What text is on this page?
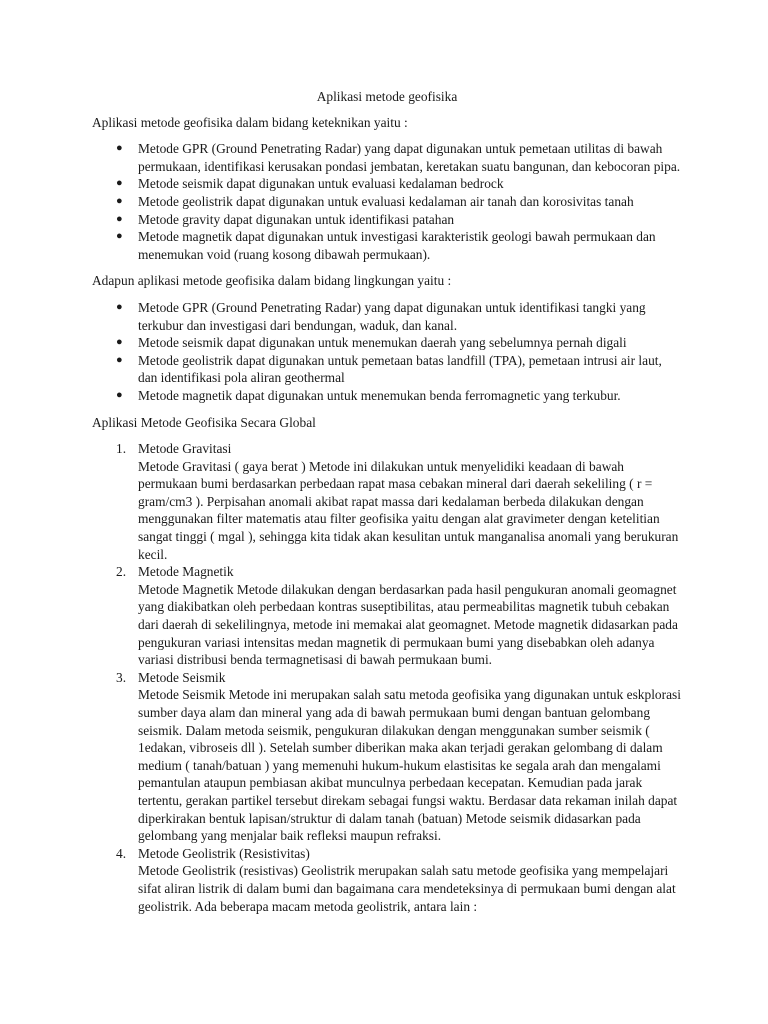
Aplikasi metode geofisika
Aplikasi metode geofisika dalam bidang keteknikan yaitu :
● Metode GPR (Ground Penetrating Radar) yang dapat digunakan untuk pemetaan utilitas di bawah permukaan, identifikasi kerusakan pondasi jembatan, keretakan suatu bangunan, dan kebocoran pipa.
● Metode seismik dapat digunakan untuk evaluasi kedalaman bedrock
● Metode geolistrik dapat digunakan untuk evaluasi kedalaman air tanah dan korosivitas tanah
● Metode gravity dapat digunakan untuk identifikasi patahan
● Metode magnetik dapat digunakan untuk investigasi karakteristik geologi bawah permukaan dan menemukan void (ruang kosong dibawah permukaan).
Adapun aplikasi metode geofisika dalam bidang lingkungan yaitu :
● Metode GPR (Ground Penetrating Radar) yang dapat digunakan untuk identifikasi tangki yang terkubur dan investigasi dari bendungan, waduk, dan kanal.
● Metode seismik dapat digunakan untuk menemukan daerah yang sebelumnya pernah digali
● Metode geolistrik dapat digunakan untuk pemetaan batas landfill (TPA), pemetaan intrusi air laut, dan identifikasi pola aliran geothermal
● Metode magnetik dapat digunakan untuk menemukan benda ferromagnetic yang terkubur.
Aplikasi Metode Geofisika Secara Global
1. Metode Gravitasi
Metode Gravitasi ( gaya berat ) Metode ini dilakukan untuk menyelidiki keadaan di bawah permukaan bumi berdasarkan perbedaan rapat masa cebakan mineral dari daerah sekeliling ( r = gram/cm3 ). Perpisahan anomali akibat rapat massa dari kedalaman berbeda dilakukan dengan menggunakan filter matematis atau filter geofisika yaitu dengan alat gravimeter dengan ketelitian sangat tinggi ( mgal ), sehingga kita tidak akan kesulitan untuk manganalisa anomali yang berukuran kecil.
2. Metode Magnetik
Metode Magnetik Metode dilakukan dengan berdasarkan pada hasil pengukuran anomali geomagnet yang diakibatkan oleh perbedaan kontras suseptibilitas, atau permeabilitas magnetik tubuh cebakan dari daerah di sekelilingnya, metode ini memakai alat geomagnet. Metode magnetik didasarkan pada pengukuran variasi intensitas medan magnetik di permukaan bumi yang disebabkan oleh adanya variasi distribusi benda termagnetisasi di bawah permukaan bumi.
3. Metode Seismik
Metode Seismik Metode ini merupakan salah satu metoda geofisika yang digunakan untuk eskplorasi sumber daya alam dan mineral yang ada di bawah permukaan bumi dengan bantuan gelombang seismik. Dalam metoda seismik, pengukuran dilakukan dengan menggunakan sumber seismik ( 1edakan, vibroseis dll ). Setelah sumber diberikan maka akan terjadi gerakan gelombang di dalam medium ( tanah/batuan ) yang memenuhi hukum-hukum elastisitas ke segala arah dan mengalami pemantulan ataupun pembiasan akibat munculnya perbedaan kecepatan. Kemudian pada jarak tertentu, gerakan partikel tersebut direkam sebagai fungsi waktu. Berdasar data rekaman inilah dapat diperkirakan bentuk lapisan/struktur di dalam tanah (batuan) Metode seismik didasarkan pada gelombang yang menjalar baik refleksi maupun refraksi.
4. Metode Geolistrik (Resistivitas)
Metode Geolistrik (resistivas) Geolistrik merupakan salah satu metode geofisika yang mempelajari sifat aliran listrik di dalam bumi dan bagaimana cara mendeteksinya di permukaan bumi dengan alat geolistrik. Ada beberapa macam metoda geolistrik, antara lain :
